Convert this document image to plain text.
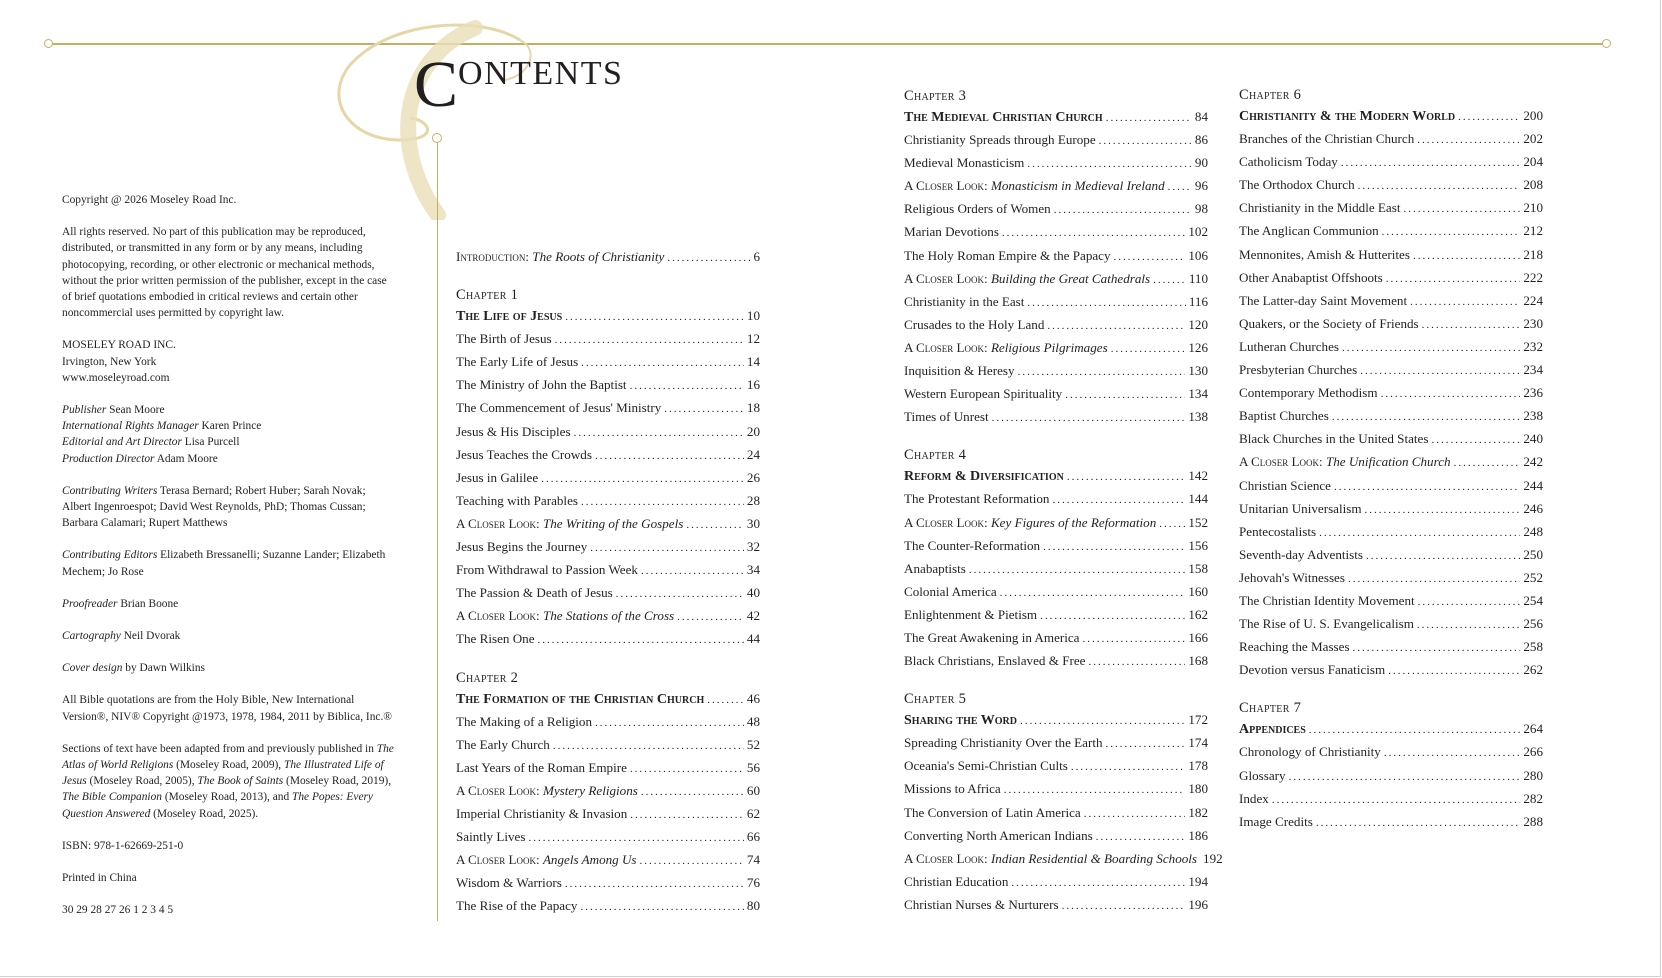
CONTENTS

Copyright @ 2026 Moseley Road Inc.

All rights reserved. No part of this publication may be reproduced, distributed, or transmitted in any form or by any means, including photocopying, recording, or other electronic or mechanical methods, without the prior written permission of the publisher, except in the case of brief quotations embodied in critical reviews and certain other noncommercial uses permitted by copyright law.

MOSELEY ROAD INC.
Irvington, New York
www.moseleyroad.com

Publisher Sean Moore
International Rights Manager Karen Prince
Editorial and Art Director Lisa Purcell
Production Director Adam Moore

Contributing Writers Terasa Bernard; Robert Huber; Sarah Novak; Albert Ingenroespot; David West Reynolds, PhD; Thomas Cussan; Barbara Calamari; Rupert Matthews

Contributing Editors Elizabeth Bressanelli; Suzanne Lander; Elizabeth Mechem; Jo Rose

Proofreader Brian Boone

Cartography Neil Dvorak

Cover design by Dawn Wilkins

All Bible quotations are from the Holy Bible, New International Version®, NIV® Copyright @1973, 1978, 1984, 2011 by Biblica, Inc.®

Sections of text have been adapted from and previously published in The Atlas of World Religions (Moseley Road, 2009), The Illustrated Life of Jesus (Moseley Road, 2005), The Book of Saints (Moseley Road, 2019), The Bible Companion (Moseley Road, 2013), and The Popes: Every Question Answered (Moseley Road, 2025).

ISBN: 978-1-62669-251-0

Printed in China

30 29 28 27 26 1 2 3 4 5

Introduction: The Roots of Christianity .....	6
Chapter 1
The Life of Jesus .....	10
The Birth of Jesus .....	12
The Early Life of Jesus .....	14
The Ministry of John the Baptist .....	16
The Commencement of Jesus' Ministry .....	18
Jesus & His Disciples .....	20
Jesus Teaches the Crowds .....	24
Jesus in Galilee .....	26
Teaching with Parables .....	28
A Closer Look: The Writing of the Gospels .....	30
Jesus Begins the Journey .....	32
From Withdrawal to Passion Week .....	34
The Passion & Death of Jesus .....	40
A Closer Look: The Stations of the Cross .....	42
The Risen One .....	44
Chapter 2
The Formation of the Christian Church .....	46
The Making of a Religion .....	48
The Early Church .....	52
Last Years of the Roman Empire .....	56
A Closer Look: Mystery Religions .....	60
Imperial Christianity & Invasion .....	62
Saintly Lives .....	66
A Closer Look: Angels Among Us .....	74
Wisdom & Warriors .....	76
The Rise of the Papacy .....	80
Chapter 3
The Medieval Christian Church .....	84
Christianity Spreads through Europe .....	86
Medieval Monasticism .....	90
A Closer Look: Monasticism in Medieval Ireland ..... 96
Religious Orders of Women .....	98
Marian Devotions .....	102
The Holy Roman Empire & the Papacy .....	106
A Closer Look: Building the Great Cathedrals .....	110
Christianity in the East .....	116
Crusades to the Holy Land .....	120
A Closer Look: Religious Pilgrimages .....	126
Inquisition & Heresy .....	130
Western European Spirituality .....	134
Times of Unrest .....	138
Chapter 4
Reform & Diversification .....	142
The Protestant Reformation .....	144
A Closer Look: Key Figures of the Reformation ..... 152
The Counter-Reformation .....	156
Anabaptists .....	158
Colonial America .....	160
Enlightenment & Pietism .....	162
The Great Awakening in America .....	166
Black Christians, Enslaved & Free .....	168
Chapter 5
Sharing the Word .....	172
Spreading Christianity Over the Earth .....	174
Oceania's Semi-Christian Cults .....	178
Missions to Africa .....	180
The Conversion of Latin America .....	182
Converting North American Indians .....	186
A Closer Look: Indian Residential & Boarding Schools 192
Christian Education .....	194
Christian Nurses & Nurturers .....	196
Chapter 6
Christianity & the Modern World .....	200
Branches of the Christian Church .....	202
Catholicism Today .....	204
The Orthodox Church .....	208
Christianity in the Middle East .....	210
The Anglican Communion .....	212
Mennonites, Amish & Hutterites .....	218
Other Anabaptist Offshoots .....	222
The Latter-day Saint Movement .....	224
Quakers, or the Society of Friends .....	230
Lutheran Churches .....	232
Presbyterian Churches .....	234
Contemporary Methodism .....	236
Baptist Churches .....	238
Black Churches in the United States .....	240
A Closer Look: The Unification Church .....	242
Christian Science .....	244
Unitarian Universalism .....	246
Pentecostalists .....	248
Seventh-day Adventists .....	250
Jehovah's Witnesses .....	252
The Christian Identity Movement .....	254
The Rise of U. S. Evangelicalism .....	256
Reaching the Masses .....	258
Devotion versus Fanaticism .....	262
Chapter 7
Appendices .....	264
Chronology of Christianity .....	266
Glossary .....	280
Index .....	282
Image Credits .....	288
